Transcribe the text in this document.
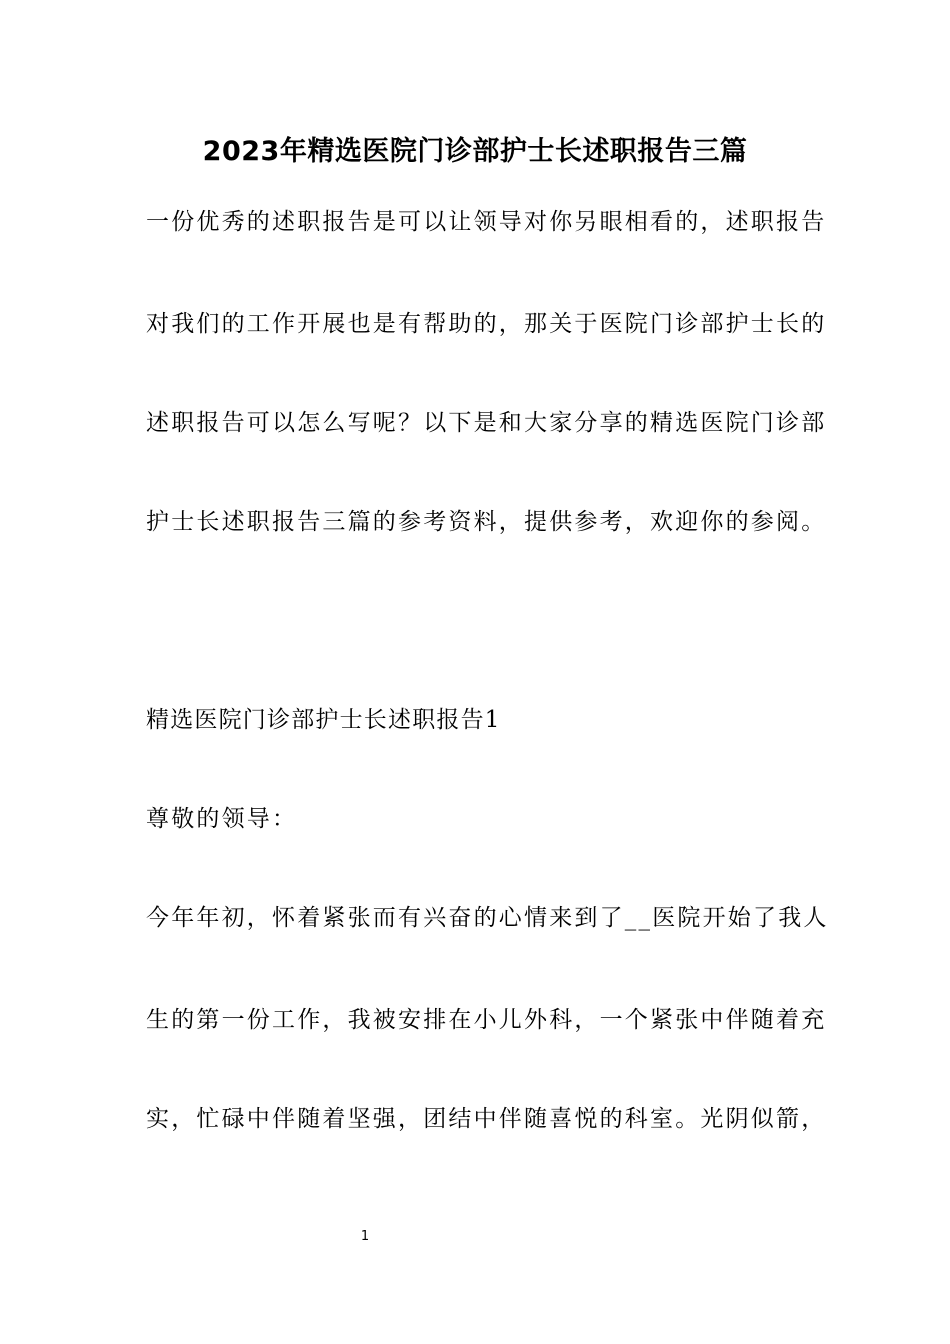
2023年精选医院门诊部护士长述职报告三篇
一份优秀的述职报告是可以让领导对你另眼相看的，述职报告
对我们的工作开展也是有帮助的，那关于医院门诊部护士长的
述职报告可以怎么写呢？以下是和大家分享的精选医院门诊部
护士长述职报告三篇的参考资料，提供参考，欢迎你的参阅。
精选医院门诊部护士长述职报告1
尊敬的领导：
今年年初，怀着紧张而有兴奋的心情来到了__医院开始了我人
生的第一份工作，我被安排在小儿外科，一个紧张中伴随着充
实，忙碌中伴随着坚强，团结中伴随喜悦的科室。光阴似箭，
1
